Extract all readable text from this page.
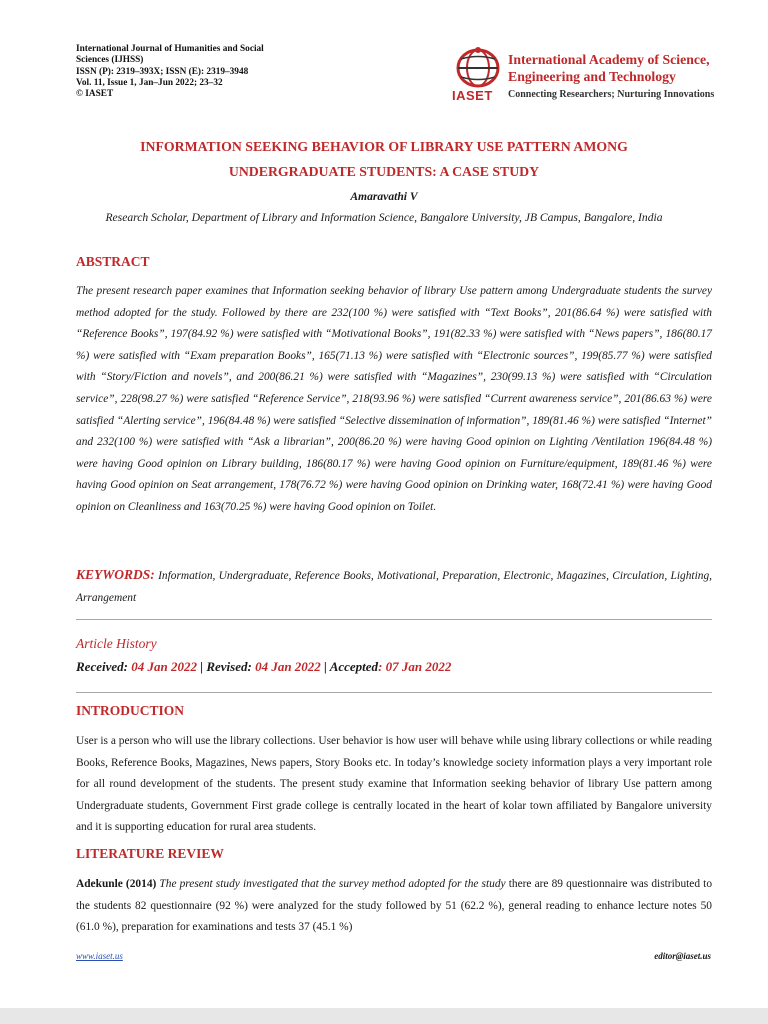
International Journal of Humanities and Social
Sciences (IJHSS)
ISSN (P): 2319–393X; ISSN (E): 2319–3948
Vol. 11, Issue 1, Jan–Jun 2022; 23–32
© IASET	IASET
International Academy of Science,
Engineering and Technology
Connecting Researchers; Nurturing Innovations
INFORMATION SEEKING BEHAVIOR OF LIBRARY USE PATTERN AMONG
UNDERGRADUATE STUDENTS: A CASE STUDY
Amaravathi V
Research Scholar, Department of Library and Information Science, Bangalore University, JB Campus, Bangalore, India
ABSTRACT
The present research paper examines that Information seeking behavior of library Use pattern among Undergraduate students the survey method adopted for the study. Followed by there are 232(100 %) were satisfied with “Text Books”, 201(86.64 %) were satisfied with “Reference Books”, 197(84.92 %) were satisfied with “Motivational Books”, 191(82.33 %) were satisfied with “News papers”, 186(80.17 %) were satisfied with “Exam preparation Books”, 165(71.13 %) were satisfied with “Electronic sources”, 199(85.77 %) were satisfied with “Story/Fiction and novels”, and 200(86.21 %) were satisfied with “Magazines”, 230(99.13 %) were satisfied with “Circulation service”, 228(98.27 %) were satisfied “Reference Service”, 218(93.96 %) were satisfied “Current awareness service”, 201(86.63 %) were satisfied “Alerting service”, 196(84.48 %) were satisfied “Selective dissemination of information”, 189(81.46 %) were satisfied “Internet” and 232(100 %) were satisfied with “Ask a librarian”, 200(86.20 %) were having Good opinion on Lighting /Ventilation 196(84.48 %) were having Good opinion on Library building, 186(80.17 %) were having Good opinion on Furniture/equipment, 189(81.46 %) were having Good opinion on Seat arrangement, 178(76.72 %) were having Good opinion on Drinking water, 168(72.41 %) were having Good opinion on Cleanliness and 163(70.25 %) were having Good opinion on Toilet.
KEYWORDS: Information, Undergraduate, Reference Books, Motivational, Preparation, Electronic, Magazines, Circulation, Lighting, Arrangement
Article History
Received: 04 Jan 2022 | Revised: 04 Jan 2022 | Accepted: 07 Jan 2022
INTRODUCTION
User is a person who will use the library collections. User behavior is how user will behave while using library collections or while reading Books, Reference Books, Magazines, News papers, Story Books etc. In today’s knowledge society information plays a very important role for all round development of the students. The present study examine that Information seeking behavior of library Use pattern among Undergraduate students, Government First grade college is centrally located in the heart of kolar town affiliated by Bangalore university and it is supporting education for rural area students.
LITERATURE REVIEW
Adekunle (2014) The present study investigated that the survey method adopted for the study there are 89 questionnaire was distributed to the students 82 questionnaire (92 %) were analyzed for the study followed by 51 (62.2 %), general reading to enhance lecture notes 50 (61.0 %), preparation for examinations and tests 37 (45.1 %)
www.iaset.us	editor@iaset.us
